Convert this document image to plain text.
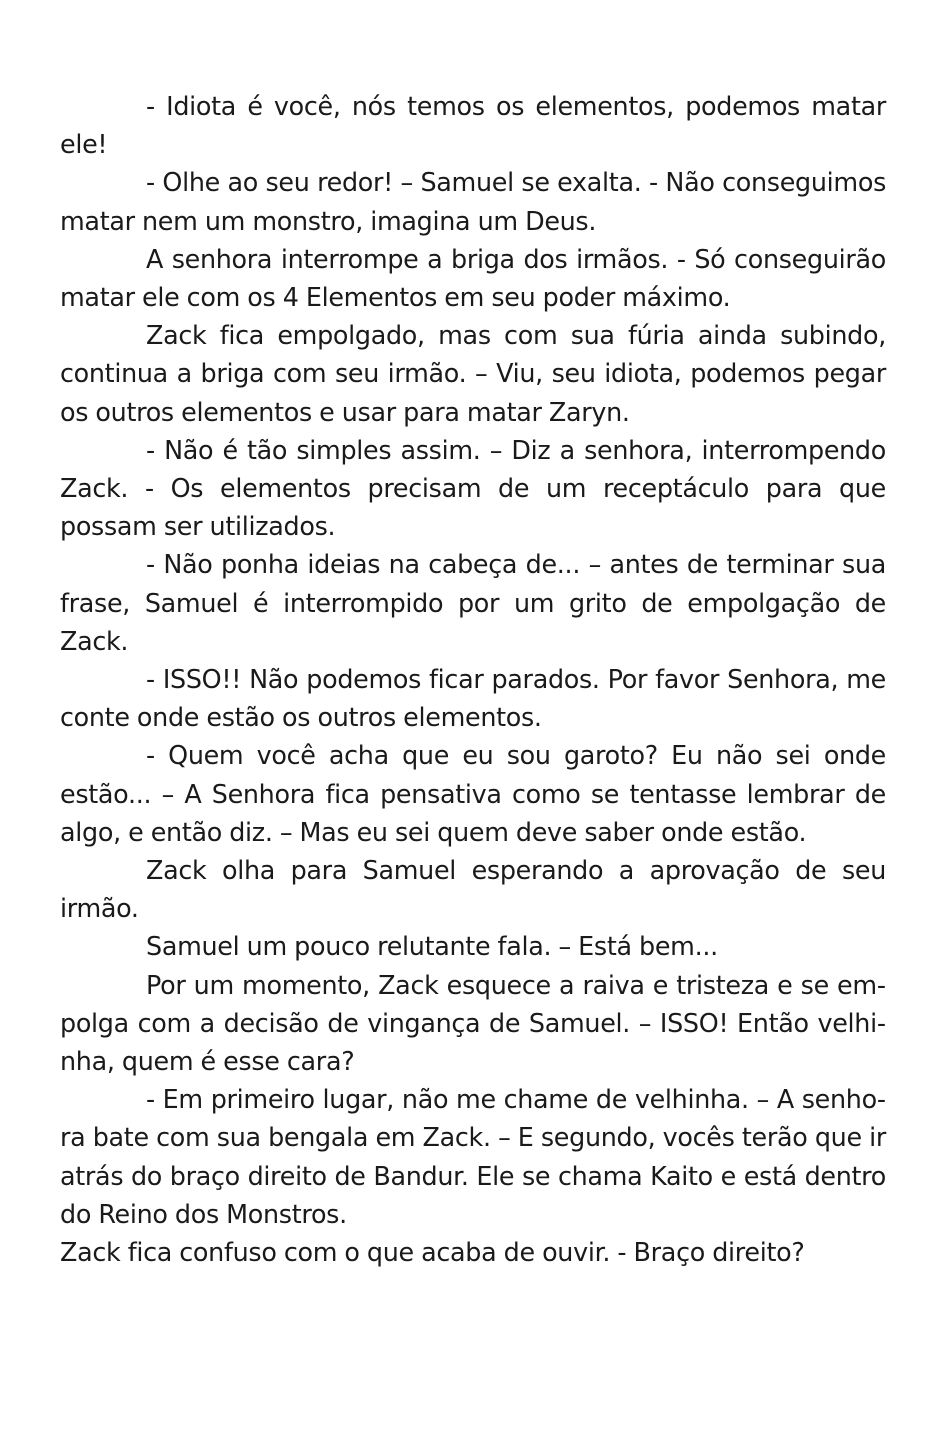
- Idiota é você, nós temos os elementos, podemos matar ele!

- Olhe ao seu redor! – Samuel se exalta. - Não conseguimos matar nem um monstro, imagina um Deus.

A senhora interrompe a briga dos irmãos. - Só conseguirão matar ele com os 4 Elementos em seu poder máximo.

Zack fica empolgado, mas com sua fúria ainda subindo, continua a briga com seu irmão. – Viu, seu idiota, podemos pegar os outros elementos e usar para matar Zaryn.

- Não é tão simples assim. – Diz a senhora, interrompendo Zack. - Os elementos precisam de um receptáculo para que possam ser utilizados.

- Não ponha ideias na cabeça de... – antes de terminar sua frase, Samuel é interrompido por um grito de empolgação de Zack.

- ISSO!! Não podemos ficar parados. Por favor Senhora, me conte onde estão os outros elementos.

- Quem você acha que eu sou garoto? Eu não sei onde estão... – A Senhora fica pensativa como se tentasse lembrar de algo, e então diz. – Mas eu sei quem deve saber onde estão.

Zack olha para Samuel esperando a aprovação de seu irmão.

Samuel um pouco relutante fala. – Está bem...

Por um momento, Zack esquece a raiva e tristeza e se empolga com a decisão de vingança de Samuel. – ISSO! Então velhinha, quem é esse cara?

- Em primeiro lugar, não me chame de velhinha. – A senhora bate com sua bengala em Zack. – E segundo, vocês terão que ir atrás do braço direito de Bandur. Ele se chama Kaito e está dentro do Reino dos Monstros.

Zack fica confuso com o que acaba de ouvir. - Braço direito?
